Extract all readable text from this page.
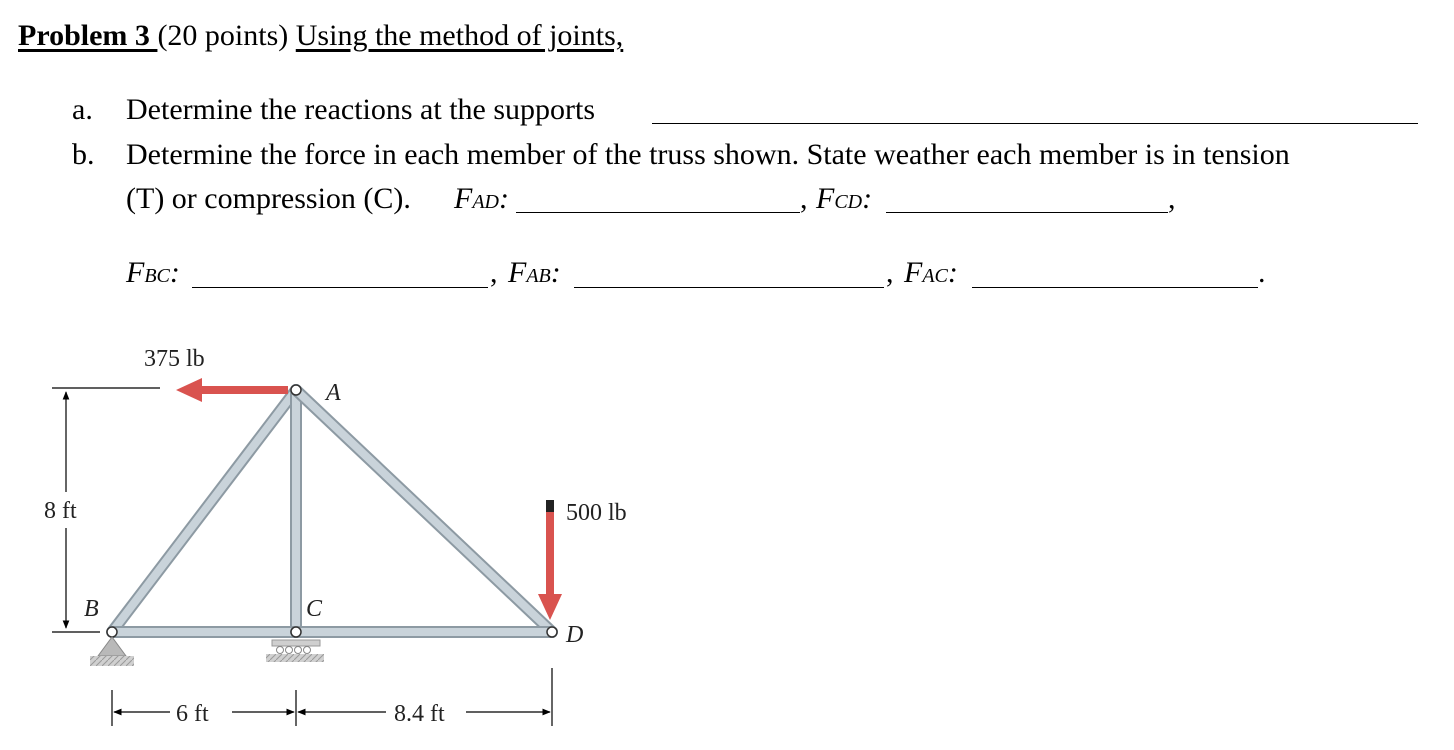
Problem 3 (20 points) Using the method of joints,
a. Determine the reactions at the supports
b. Determine the force in each member of the truss shown. State weather each member is in tension
(T) or compression (C). FAD:	, FCD:	,
FBC:	, FAB:	, FAC:	.
375 lb
500 lb
8 ft
6 ft	8.4 ft
A
B	C
D
